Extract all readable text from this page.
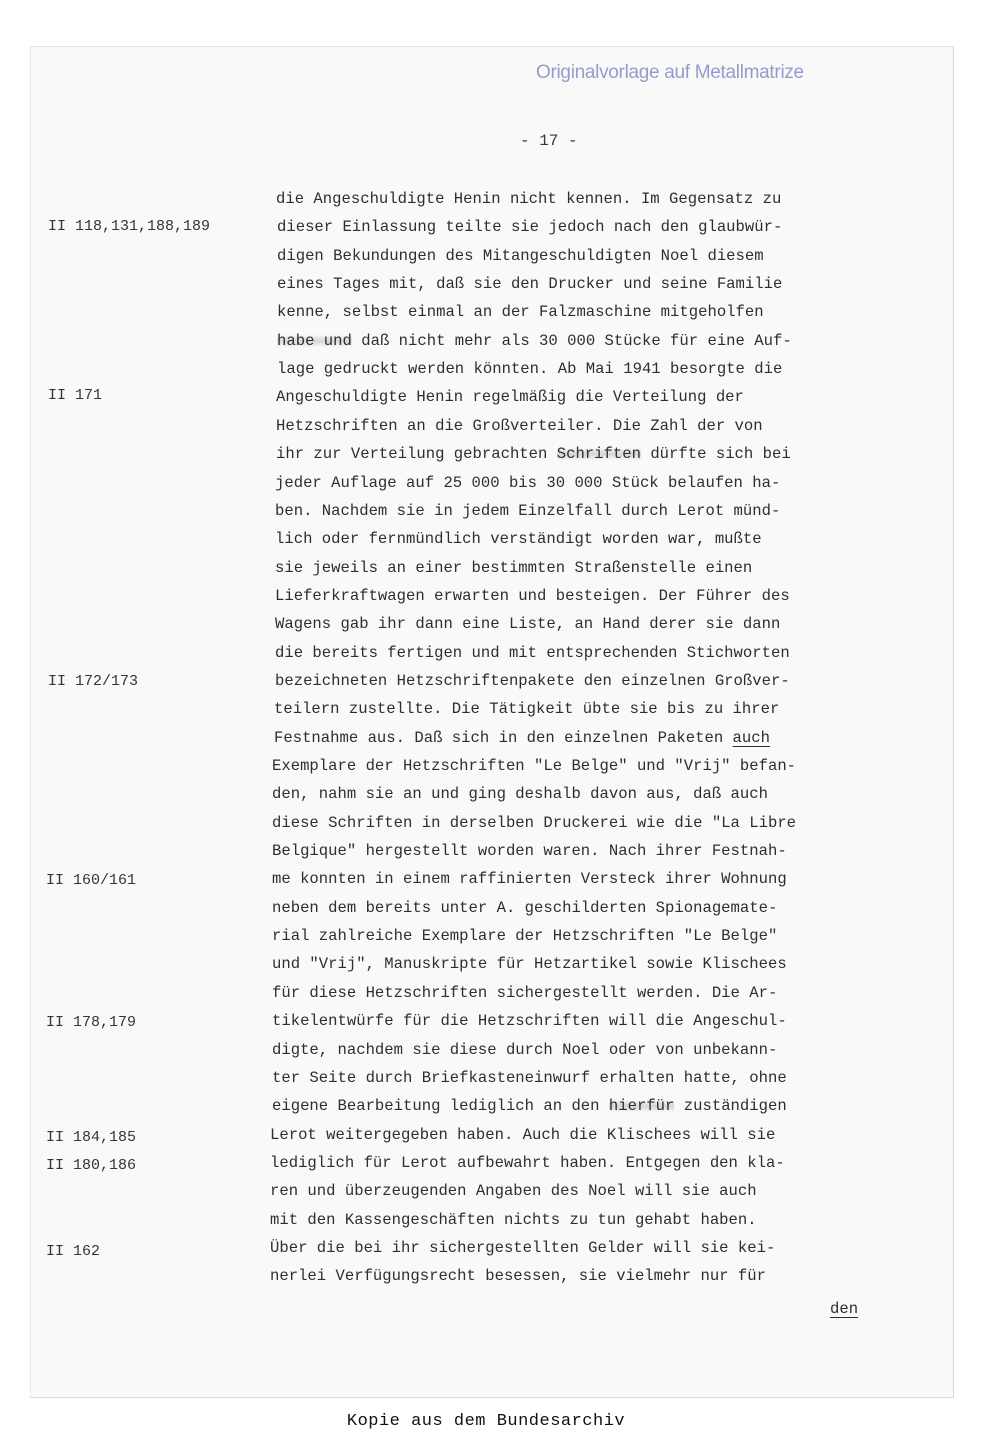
Originalvorlage auf Metallmatrize
- 17 -
II 118,131,188,189
II 171
II 172/173
II 160/161
II 178,179
II 184,185
II 180,186
II 162
die Angeschuldigte Henin nicht kennen. Im Gegensatz zu
dieser Einlassung teilte sie jedoch nach den glaubwür-
digen Bekundungen des Mitangeschuldigten Noel diesem
eines Tages mit, daß sie den Drucker und seine Familie
kenne, selbst einmal an der Falzmaschine mitgeholfen
habe und daß nicht mehr als 30 000 Stücke für eine Auf-
lage gedruckt werden könnten. Ab Mai 1941 besorgte die
Angeschuldigte Henin regelmäßig die Verteilung der
Hetzschriften an die Großverteiler. Die Zahl der von
ihr zur Verteilung gebrachten Schriften dürfte sich bei
jeder Auflage auf 25 000 bis 30 000 Stück belaufen ha-
ben. Nachdem sie in jedem Einzelfall durch Lerot münd-
lich oder fernmündlich verständigt worden war, mußte
sie jeweils an einer bestimmten Straßenstelle einen
Lieferkraftwagen erwarten und besteigen. Der Führer des
Wagens gab ihr dann eine Liste, an Hand derer sie dann
die bereits fertigen und mit entsprechenden Stichworten
bezeichneten Hetzschriftenpakete den einzelnen Großver-
teilern zustellte. Die Tätigkeit übte sie bis zu ihrer
Festnahme aus. Daß sich in den einzelnen Paketen auch
Exemplare der Hetzschriften "Le Belge" und "Vrij" befan-
den, nahm sie an und ging deshalb davon aus, daß auch
diese Schriften in derselben Druckerei wie die "La Libre
Belgique" hergestellt worden waren. Nach ihrer Festnah-
me konnten in einem raffinierten Versteck ihrer Wohnung
neben dem bereits unter A. geschilderten Spionagemate-
rial zahlreiche Exemplare der Hetzschriften "Le Belge"
und "Vrij", Manuskripte für Hetzartikel sowie Klischees
für diese Hetzschriften sichergestellt werden. Die Ar-
tikelentwürfe für die Hetzschriften will die Angeschul-
digte, nachdem sie diese durch Noel oder von unbekann-
ter Seite durch Briefkasteneinwurf erhalten hatte, ohne
eigene Bearbeitung lediglich an den hierfür zuständigen
Lerot weitergegeben haben. Auch die Klischees will sie
lediglich für Lerot aufbewahrt haben. Entgegen den kla-
ren und überzeugenden Angaben des Noel will sie auch
mit den Kassengeschäften nichts zu tun gehabt haben.
Über die bei ihr sichergestellten Gelder will sie kei-
nerlei Verfügungsrecht besessen, sie vielmehr nur für
den
Kopie aus dem Bundesarchiv
